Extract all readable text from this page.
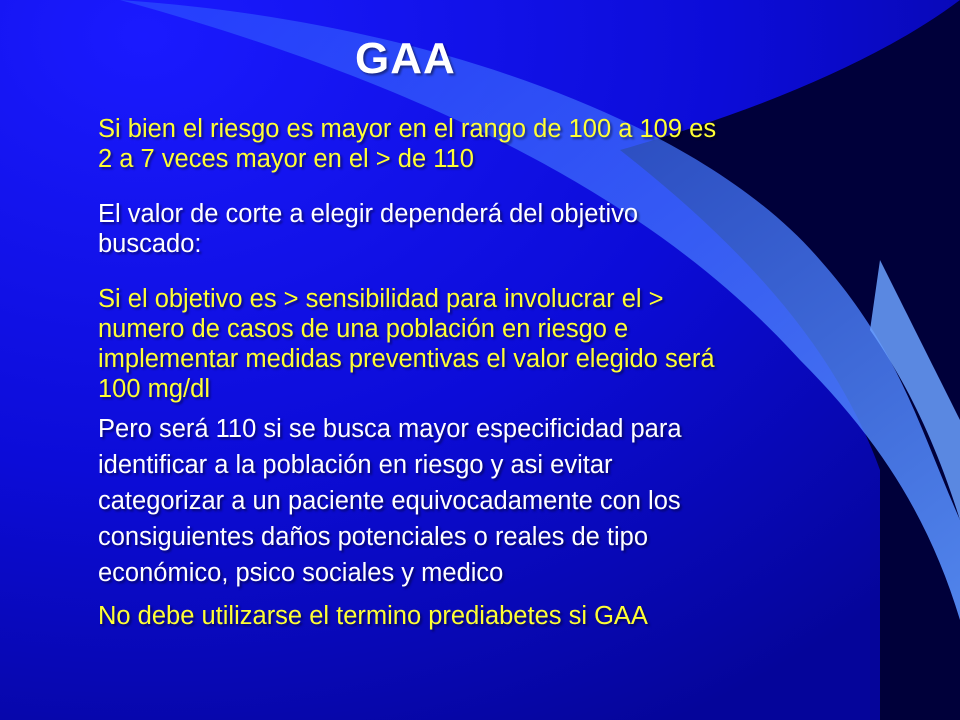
GAA
Si bien el riesgo es mayor en el rango de 100 a 109 es
2 a 7 veces mayor en el > de 110
El valor de corte a elegir dependerá del objetivo
buscado:
Si el objetivo es > sensibilidad para involucrar el >
numero de casos de una población en riesgo e
implementar medidas preventivas el valor elegido será
100 mg/dl
Pero será 110 si se busca mayor especificidad para
identificar a la población en riesgo y asi evitar
categorizar a un paciente equivocadamente con los
consiguientes daños potenciales o reales de tipo
económico, psico sociales y medico
No debe utilizarse el termino prediabetes si GAA
